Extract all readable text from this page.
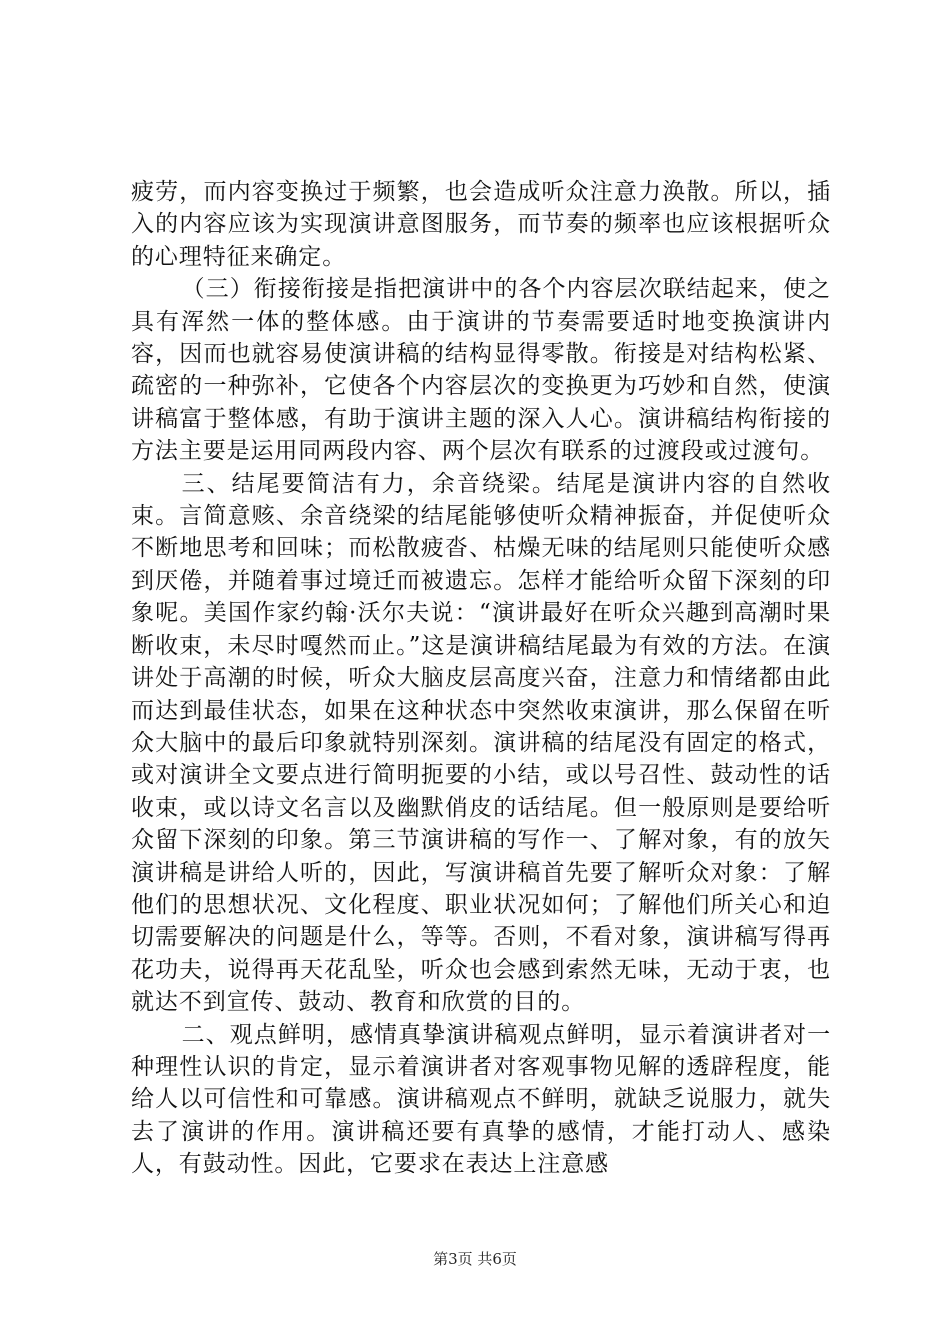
疲劳，而内容变换过于频繁，也会造成听众注意力涣散。所以，插入的内容应该为实现演讲意图服务，而节奏的频率也应该根据听众的心理特征来确定。

（三）衔接衔接是指把演讲中的各个内容层次联结起来，使之具有浑然一体的整体感。由于演讲的节奏需要适时地变换演讲内容，因而也就容易使演讲稿的结构显得零散。衔接是对结构松紧、疏密的一种弥补，它使各个内容层次的变换更为巧妙和自然，使演讲稿富于整体感，有助于演讲主题的深入人心。演讲稿结构衔接的方法主要是运用同两段内容、两个层次有联系的过渡段或过渡句。

三、结尾要简洁有力，余音绕梁。结尾是演讲内容的自然收束。言简意赅、余音绕梁的结尾能够使听众精神振奋，并促使听众不断地思考和回味；而松散疲沓、枯燥无味的结尾则只能使听众感到厌倦，并随着事过境迁而被遗忘。怎样才能给听众留下深刻的印象呢。美国作家约翰·沃尔夫说：“演讲最好在听众兴趣到高潮时果断收束，未尽时嘎然而止。”这是演讲稿结尾最为有效的方法。在演讲处于高潮的时候，听众大脑皮层高度兴奋，注意力和情绪都由此而达到最佳状态，如果在这种状态中突然收束演讲，那么保留在听众大脑中的最后印象就特别深刻。演讲稿的结尾没有固定的格式，或对演讲全文要点进行简明扼要的小结，或以号召性、鼓动性的话收束，或以诗文名言以及幽默俏皮的话结尾。但一般原则是要给听众留下深刻的印象。第三节演讲稿的写作一、了解对象，有的放矢演讲稿是讲给人听的，因此，写演讲稿首先要了解听众对象：了解他们的思想状况、文化程度、职业状况如何；了解他们所关心和迫切需要解决的问题是什么，等等。否则，不看对象，演讲稿写得再花功夫，说得再天花乱坠，听众也会感到索然无味，无动于衷，也就达不到宣传、鼓动、教育和欣赏的目的。

二、观点鲜明，感情真挚演讲稿观点鲜明，显示着演讲者对一种理性认识的肯定，显示着演讲者对客观事物见解的透辟程度，能给人以可信性和可靠感。演讲稿观点不鲜明，就缺乏说服力，就失去了演讲的作用。演讲稿还要有真挚的感情，才能打动人、感染人，有鼓动性。因此，它要求在表达上注意感

第3页 共6页
